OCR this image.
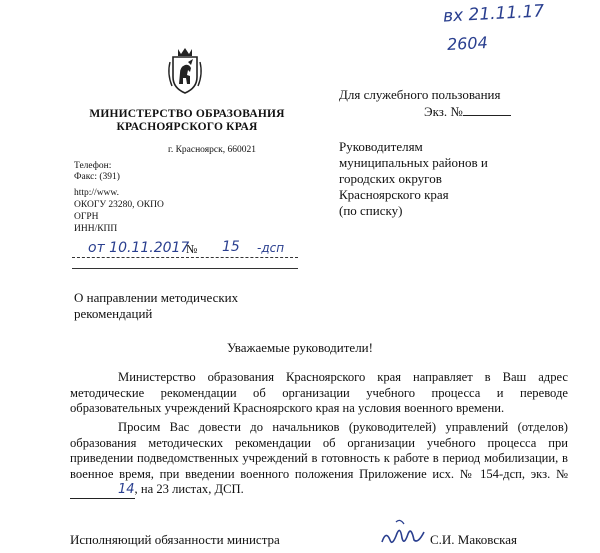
вх 21.11.17
2604
МИНИСТЕРСТВО ОБРАЗОВАНИЯ
КРАСНОЯРСКОГО КРАЯ
г. Красноярск, 660021
Телефон:
Факс: (391)
http://www.
ОКОГУ 23280, ОКПО
ОГРН
ИНН/КПП
от 10.11.2017
№ 15 -дсп
Для служебного пользования
Экз. №
Руководителям
муниципальных районов и
городских округов
Красноярского края
(по списку)
О направлении методических
рекомендаций
Уважаемые руководители!
Министерство образования Красноярского края направляет в Ваш адрес методические рекомендации об организации учебного процесса и переводе образовательных учреждений Красноярского края на условия военного времени.
Просим Вас довести до начальников (руководителей) управлений (отделов) образования методических рекомендации об организации учебного процесса при приведении подведомственных учреждений в готовность к работе в период мобилизации, в военное время, при введении военного положения Приложение исх. № 154-дсп, экз. № 14, на 23 листах, ДСП.
Исполняющий обязанности министра	С.И. Маковская
